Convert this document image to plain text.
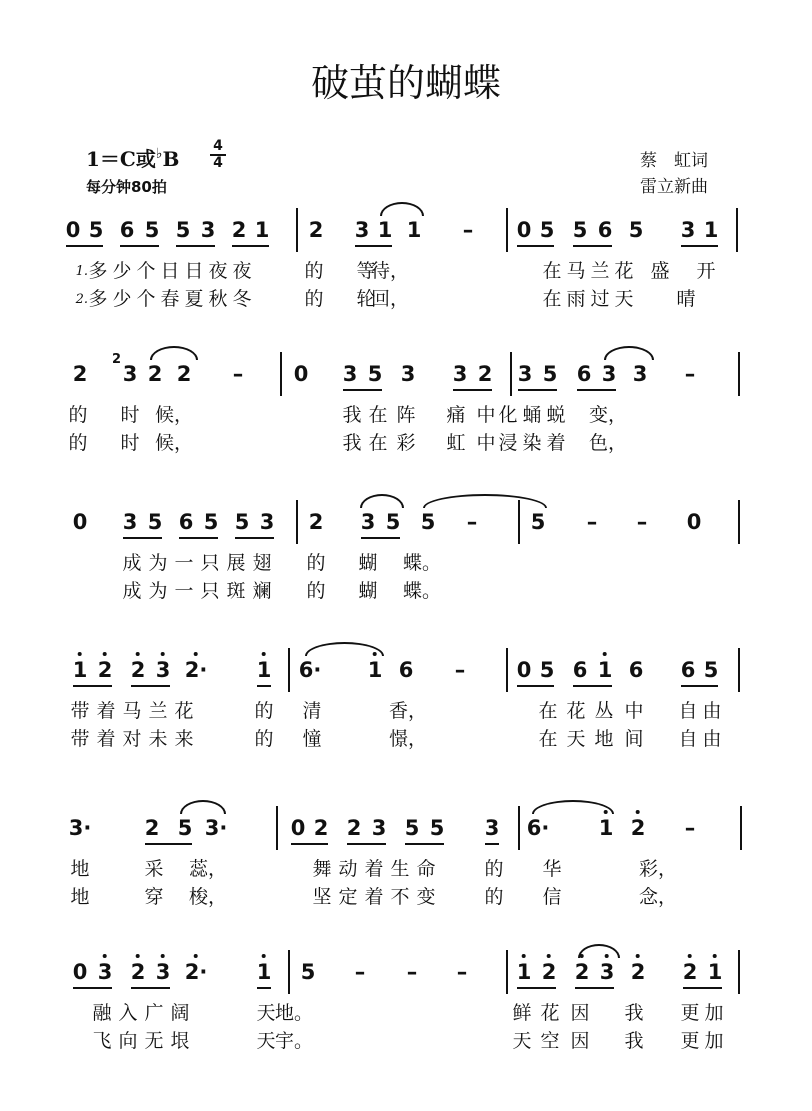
破茧的蝴蝶
1＝C或♭B
4
4
每分钟80拍
蔡　虹词
雷立新曲
0 5 6 5 5 3 2 1 2 3 1 1 – 0 5 5 6 5 3 1
1.
2.
多 少 个 日 日 夜 夜	的 等
待，	在 马 兰 花 盛 开
多 少 个 春 夏 秋 冬	的 轮
回，	在 雨 过 天 晴
2 3 2 2 – 0 3 5 3 3 2 3 5 6 3 3 –
2
的 时 候，	我 在 阵 痛 中 化 蛹 蜕 变，
的 时 候，	我 在 彩 虹 中 浸 染 着 色，
0 3 5 6 5 5 3 2 3 5 5 –	5 – – 0
成 为 一 只 展 翅 的 蝴 蝶。
成 为 一 只 斑 斓 的 蝴 蝶。
1 2 2 3 2· 1 6· 1 6 – 0 5 6 1 6 6 5
带 着 马 兰 花	的 清	香，	在 花 丛 中 自 由
带 着 对 未 来	的 憧	憬，	在 天 地 间 自 由
3·	2 5 3·	0 2 2 3 5 5 3 6· 1 2 –
地	采 蕊，	舞 动 着 生 命	的 华	彩，
地	穿 梭，	坚 定 着 不 变	的 信	念，
0 3 2 3 2· 1 5 – – – 1 2 2 3 2 2 1
融 入 广 阔	天 地。	鲜 花 因 我 更 加
飞 向 无 垠	天 宇。	天 空 因 我 更 加
